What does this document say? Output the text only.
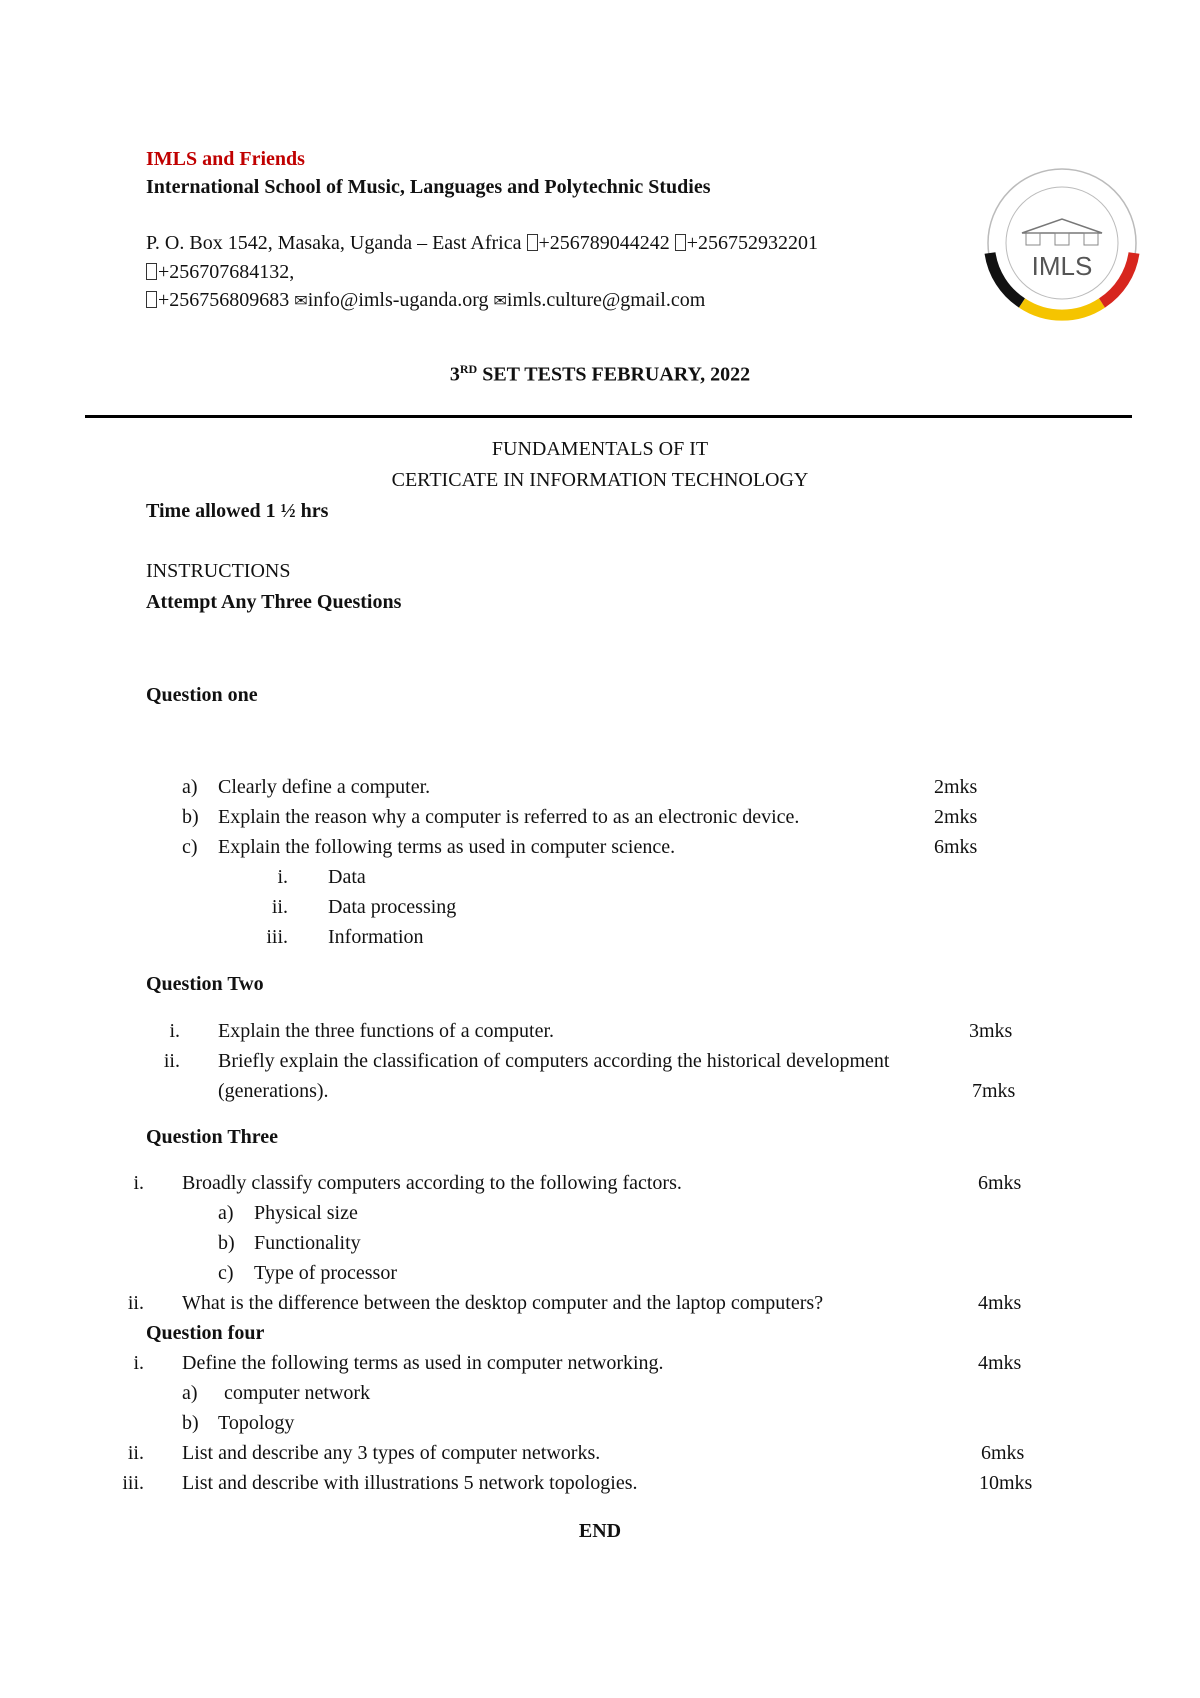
IMLS and Friends
International School of Music, Languages and Polytechnic Studies
P. O. Box 1542, Masaka, Uganda – East Africa +256789044242 +256752932201
+256707684132,
+256756809683 ✉info@imls-uganda.org ✉imls.culture@gmail.com
IMLS
3RD SET TESTS FEBRUARY, 2022
FUNDAMENTALS OF IT
CERTICATE IN INFORMATION TECHNOLOGY
Time allowed 1 ½ hrs
INSTRUCTIONS
Attempt Any Three Questions
Question one
a) Clearly define a computer.	2mks
b) Explain the reason why a computer is referred to as an electronic device.	2mks
c) Explain the following terms as used in computer science.	6mks
i. Data
ii. Data processing
iii. Information
Question Two
i. Explain the three functions of a computer.	3mks
ii. Briefly explain the classification of computers according the historical development
(generations).	7mks
Question Three
i. Broadly classify computers according to the following factors.	6mks
a) Physical size
b) Functionality
c) Type of processor
ii. What is the difference between the desktop computer and the laptop computers?	4mks
Question four
i. Define the following terms as used in computer networking.	4mks
a) computer network
b) Topology
ii. List and describe any 3 types of computer networks.	6mks
iii. List and describe with illustrations 5 network topologies.	10mks
END
